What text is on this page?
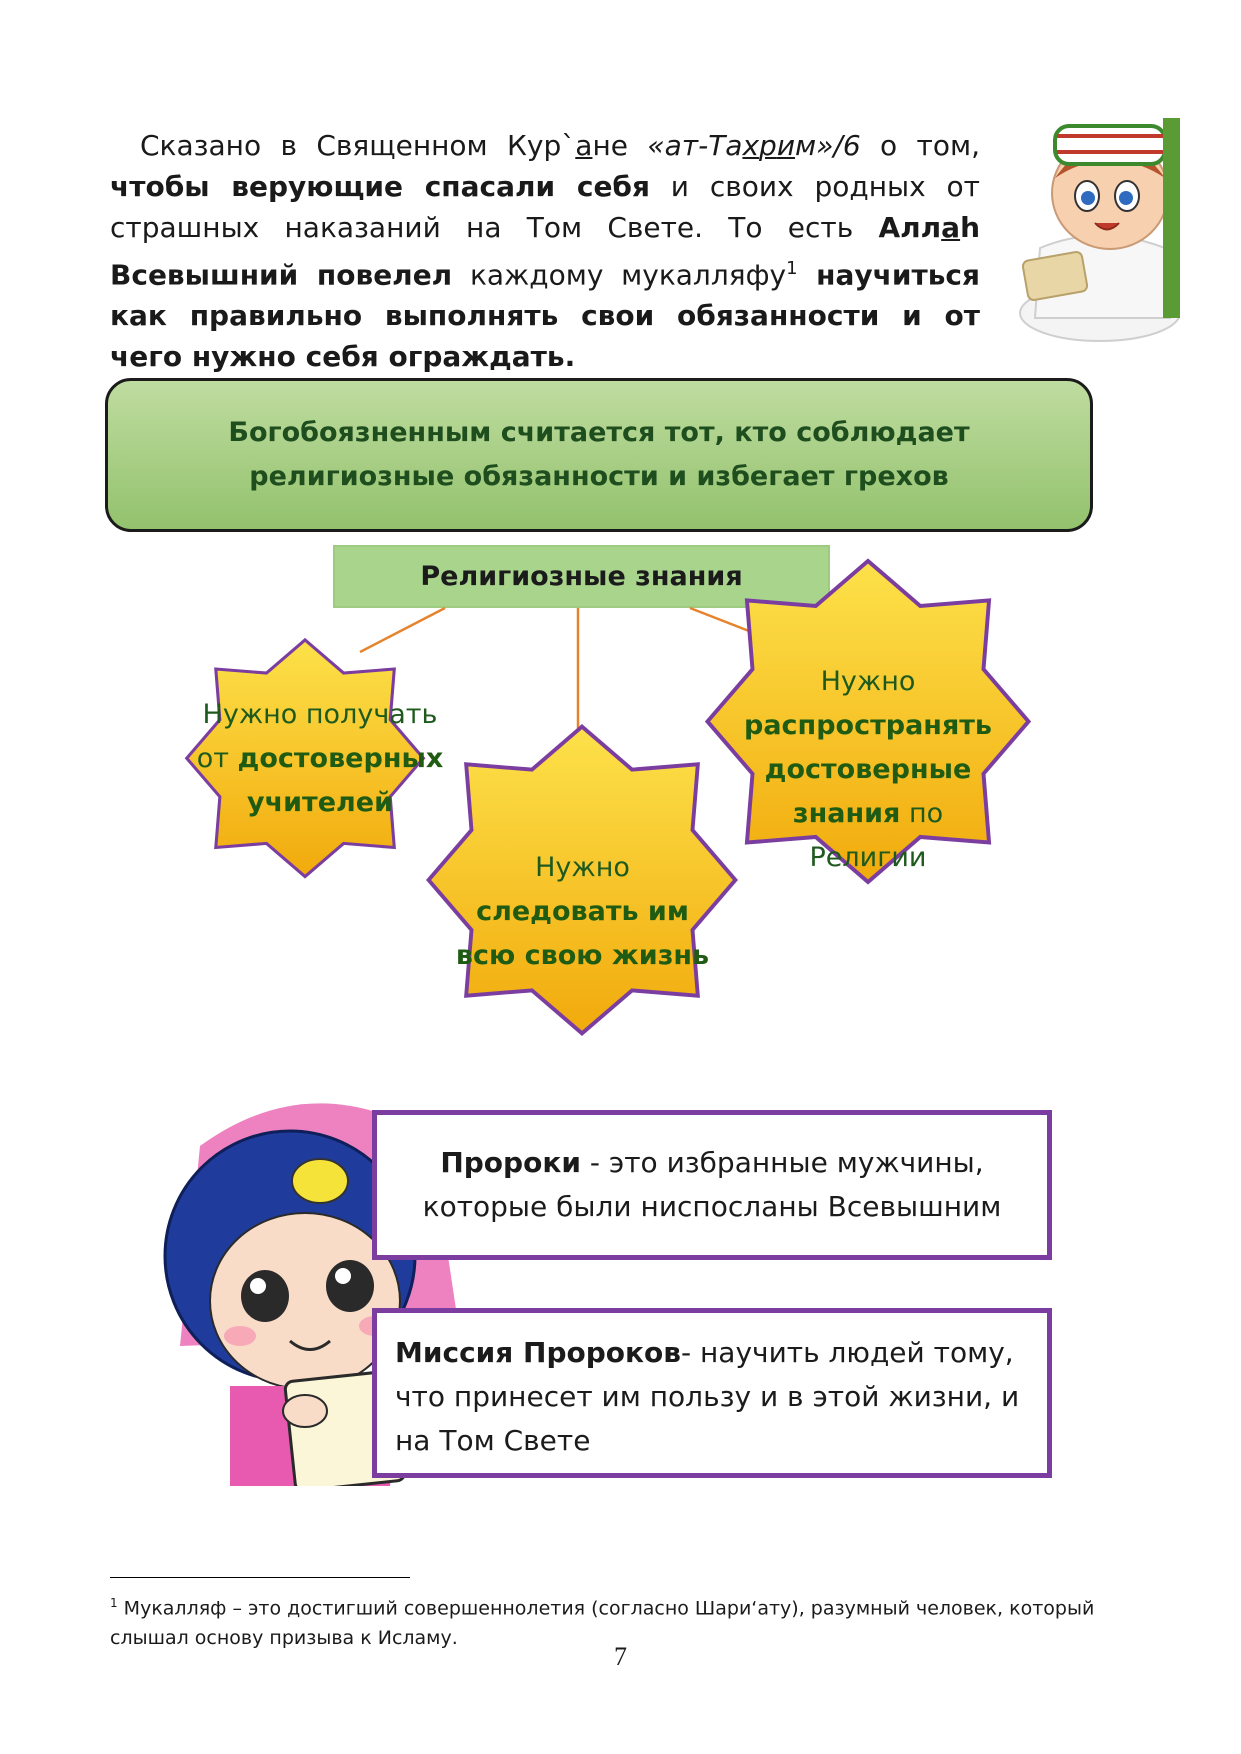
Сказано в Священном Кур`ане «ат-Тахрим»/6 о том, чтобы верующие спасали себя и своих родных от страшных наказаний на Том Свете. То есть Аллаh Всевышний повелел каждому мукалляфу$^1$ научиться как правильно выполнять свои обязанности и от чего нужно себя ограждать.
Богобоязненным считается тот, кто соблюдает религиозные обязанности и избегает грехов
Религиозные знания
Нужно получать
от достоверных учителей
Нужно
следовать им всю свою жизнь
Нужно
распространять достоверные знания по Религии
Пророки - это избранные мужчины, которые были ниспосланы Всевышним
Миссия Пророков- научить людей тому, что принесет им пользу и в этой жизни, и на Том Свете
$^1$ Мукалляф – это достигший совершеннолетия (согласно Шариʻату), разумный человек, который слышал основу призыва к Исламу.
7
